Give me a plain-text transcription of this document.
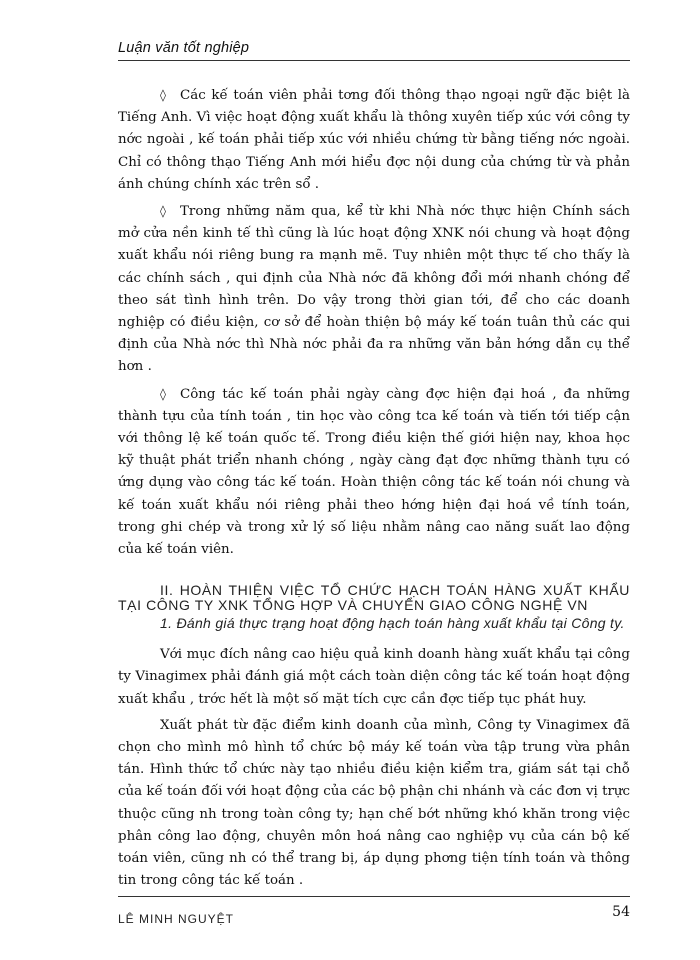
Luận văn tốt nghiệp

◊ Các kế toán viên phải tơng đối thông thạo ngoại ngữ đặc biệt là Tiếng Anh. Vì việc hoạt động xuất khẩu là thông xuyên tiếp xúc với công ty nớc ngoài , kế toán phải tiếp xúc với nhiều chứng từ bằng tiếng nớc ngoài. Chỉ có thông thạo Tiếng Anh mới hiểu đợc nội dung của chứng từ và phản ánh chúng chính xác trên sổ .

◊ Trong những năm qua, kể từ khi Nhà nớc thực hiện Chính sách mở cửa nền kinh tế thì cũng là lúc hoạt động XNK nói chung và hoạt động xuất khẩu nói riêng bung ra mạnh mẽ. Tuy nhiên một thực tế cho thấy là các chính sách , qui định của Nhà nớc đã không đổi mới nhanh chóng để theo sát tình hình trên. Do vậy trong thời gian tới, để cho các doanh nghiệp có điều kiện, cơ sở để hoàn thiện bộ máy kế toán tuân thủ các qui định của Nhà nớc thì Nhà nớc phải đa ra những văn bản hớng dẫn cụ thể hơn .

◊ Công tác kế toán phải ngày càng đợc hiện đại hoá , đa những thành tựu của tính toán , tin học vào công tca kế toán và tiến tới tiếp cận với thông lệ kế toán quốc tế. Trong điều kiện thế giới hiện nay, khoa học kỹ thuật phát triển nhanh chóng , ngày càng đạt đợc những thành tựu có ứng dụng vào công tác kế toán. Hoàn thiện công tác kế toán nói chung và kế toán xuất khẩu nói riêng phải theo hớng hiện đại hoá về tính toán, trong ghi chép và trong xử lý số liệu nhằm nâng cao năng suất lao động của kế toán viên.

II. HOÀN THIỆN VIỆC TỔ CHỨC HẠCH TOÁN HÀNG XUẤT KHẨU TẠI CÔNG TY XNK TỔNG HỢP VÀ CHUYỂN GIAO CÔNG NGHỆ VN
1. Đánh giá thực trạng hoạt động hạch toán hàng xuất khẩu tại Công ty.

Với mục đích nâng cao hiệu quả kinh doanh hàng xuất khẩu tại công ty Vinagimex phải đánh giá một cách toàn diện công tác kế toán hoạt động xuất khẩu , trớc hết là một số mặt tích cực cần đợc tiếp tục phát huy.

Xuất phát từ đặc điểm kinh doanh của mình, Công ty Vinagimex đã chọn cho mình mô hình tổ chức bộ máy kế toán vừa tập trung vừa phân tán. Hình thức tổ chức này tạo nhiều điều kiện kiểm tra, giám sát tại chỗ của kế toán đối với hoạt động của các bộ phận chi nhánh và các đơn vị trực thuộc cũng nh trong toàn công ty; hạn chế bớt những khó khăn trong việc phân công lao động, chuyên môn hoá nâng cao nghiệp vụ của cán bộ kế toán viên, cũng nh có thể trang bị, áp dụng phơng tiện tính toán và thông tin trong công tác kế toán .

LÊ MINH NGUYỆT	54
